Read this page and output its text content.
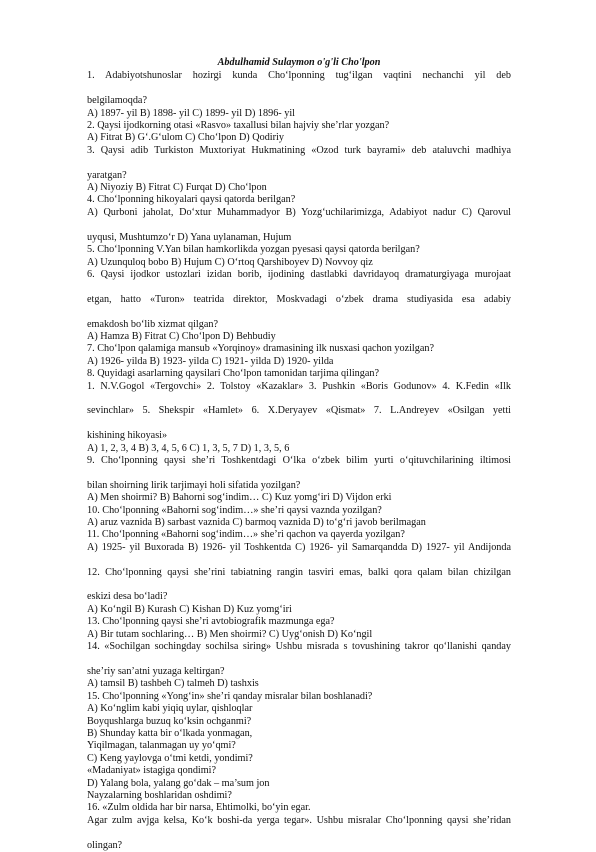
Abdulhamid Sulaymon o'g'li Cho'lpon
1. Adabiyotshunoslar hozirgi kunda Cho‘lponning tug‘ilgan vaqtini nechanchi yil deb
belgilamoqda?
A) 1897- yil B) 1898- yil C) 1899- yil D) 1896- yil
2. Qaysi ijodkorning otasi «Rasvo» taxallusi bilan hajviy she’rlar yozgan?
A) Fitrat B) G‘.G‘ulom C) Cho‘lpon D) Qodiriy
3. Qaysi adib Turkiston Muxtoriyat Hukmatining «Ozod turk bayrami» deb ataluvchi madhiya
yaratgan?
A) Niyoziy B) Fitrat C) Furqat D) Cho‘lpon
4. Cho‘lponning hikoyalari qaysi qatorda berilgan?
A) Qurboni jaholat, Do‘xtur Muhammadyor B) Yozg‘uchilarimizga, Adabiyot nadur C) Qarovul
uyqusi, Mushtumzo‘r D) Yana uylanaman, Hujum
5. Cho‘lponning V.Yan bilan hamkorlikda yozgan pyesasi qaysi qatorda berilgan?
A) Uzunquloq bobo B) Hujum C) O‘rtoq Qarshiboyev D) Novvoy qiz
6. Qaysi ijodkor ustozlari izidan borib, ijodining dastlabki davridayoq dramaturgiyaga murojaat
etgan, hatto «Turon» teatrida direktor, Moskvadagi o‘zbek drama studiyasida esa adabiy
emakdosh bo‘lib xizmat qilgan?
A) Hamza B) Fitrat C) Cho‘lpon D) Behbudiy
7. Cho‘lpon qalamiga mansub «Yorqinoy» dramasining ilk nusxasi qachon yozilgan?
A) 1926- yilda B) 1923- yilda C) 1921- yilda D) 1920- yilda
8. Quyidagi asarlarning qaysilari Cho‘lpon tamonidan tarjima qilingan?
1. N.V.Gogol «Tergovchi» 2. Tolstoy «Kazaklar» 3. Pushkin «Boris Godunov» 4. K.Fedin «Ilk
sevinchlar» 5. Shekspir «Hamlet» 6. X.Deryayev «Qismat» 7. L.Andreyev «Osilgan yetti
kishining hikoyasi»
A) 1, 2, 3, 4 B) 3, 4, 5, 6 C) 1, 3, 5, 7 D) 1, 3, 5, 6
9. Cho‘lponning qaysi she’ri Toshkentdagi O‘lka o‘zbek bilim yurti o‘qituvchilarining iltimosi
bilan shoirning lirik tarjimayi holi sifatida yozilgan?
A) Men shoirmi? B) Bahorni sog‘indim… C) Kuz yomg‘iri D) Vijdon erki
10. Cho‘lponning «Bahorni sog‘indim…» she’ri qaysi vaznda yozilgan?
A) aruz vaznida B) sarbast vaznida C) barmoq vaznida D) to‘g‘ri javob berilmagan
11. Cho‘lponning «Bahorni sog‘indim…» she’ri qachon va qayerda yozilgan?
A) 1925- yil Buxorada B) 1926- yil Toshkentda C) 1926- yil Samarqandda D) 1927- yil Andijonda
12. Cho‘lponning qaysi she’rini tabiatning rangin tasviri emas, balki qora qalam bilan chizilgan
eskizi desa bo‘ladi?
A) Ko‘ngil B) Kurash C) Kishan D) Kuz yomg‘iri
13. Cho‘lponning qaysi she’ri avtobiografik mazmunga ega?
A) Bir tutam sochlaring… B) Men shoirmi? C) Uyg‘onish D) Ko‘ngil
14. «Sochilgan sochingday sochilsa siring» Ushbu misrada s tovushining takror qo‘llanishi qanday
she’riy san’atni yuzaga keltirgan?
A) tamsil B) tashbeh C) talmeh D) tashxis
15. Cho‘lponning «Yong‘in» she’ri qanday misralar bilan boshlanadi?
A) Ko‘nglim kabi yiqiq uylar, qishloqlar
Boyqushlarga buzuq ko‘ksin ochganmi?
B) Shunday katta bir o‘lkada yonmagan,
Yiqilmagan, talanmagan uy yo‘qmi?
C) Keng yaylovga o‘tmi ketdi, yondimi?
«Madaniyat» istagiga qondimi?
D) Yalang bola, yalang go‘dak – ma’sum jon
Nayzalarning boshlaridan oshdimi?
16. «Zulm oldida har bir narsa, Ehtimolki, bo‘yin egar.
Agar zulm avjga kelsa, Ko‘k boshi-da yerga tegar». Ushbu misralar Cho‘lponning qaysi she’ridan
olingan?
